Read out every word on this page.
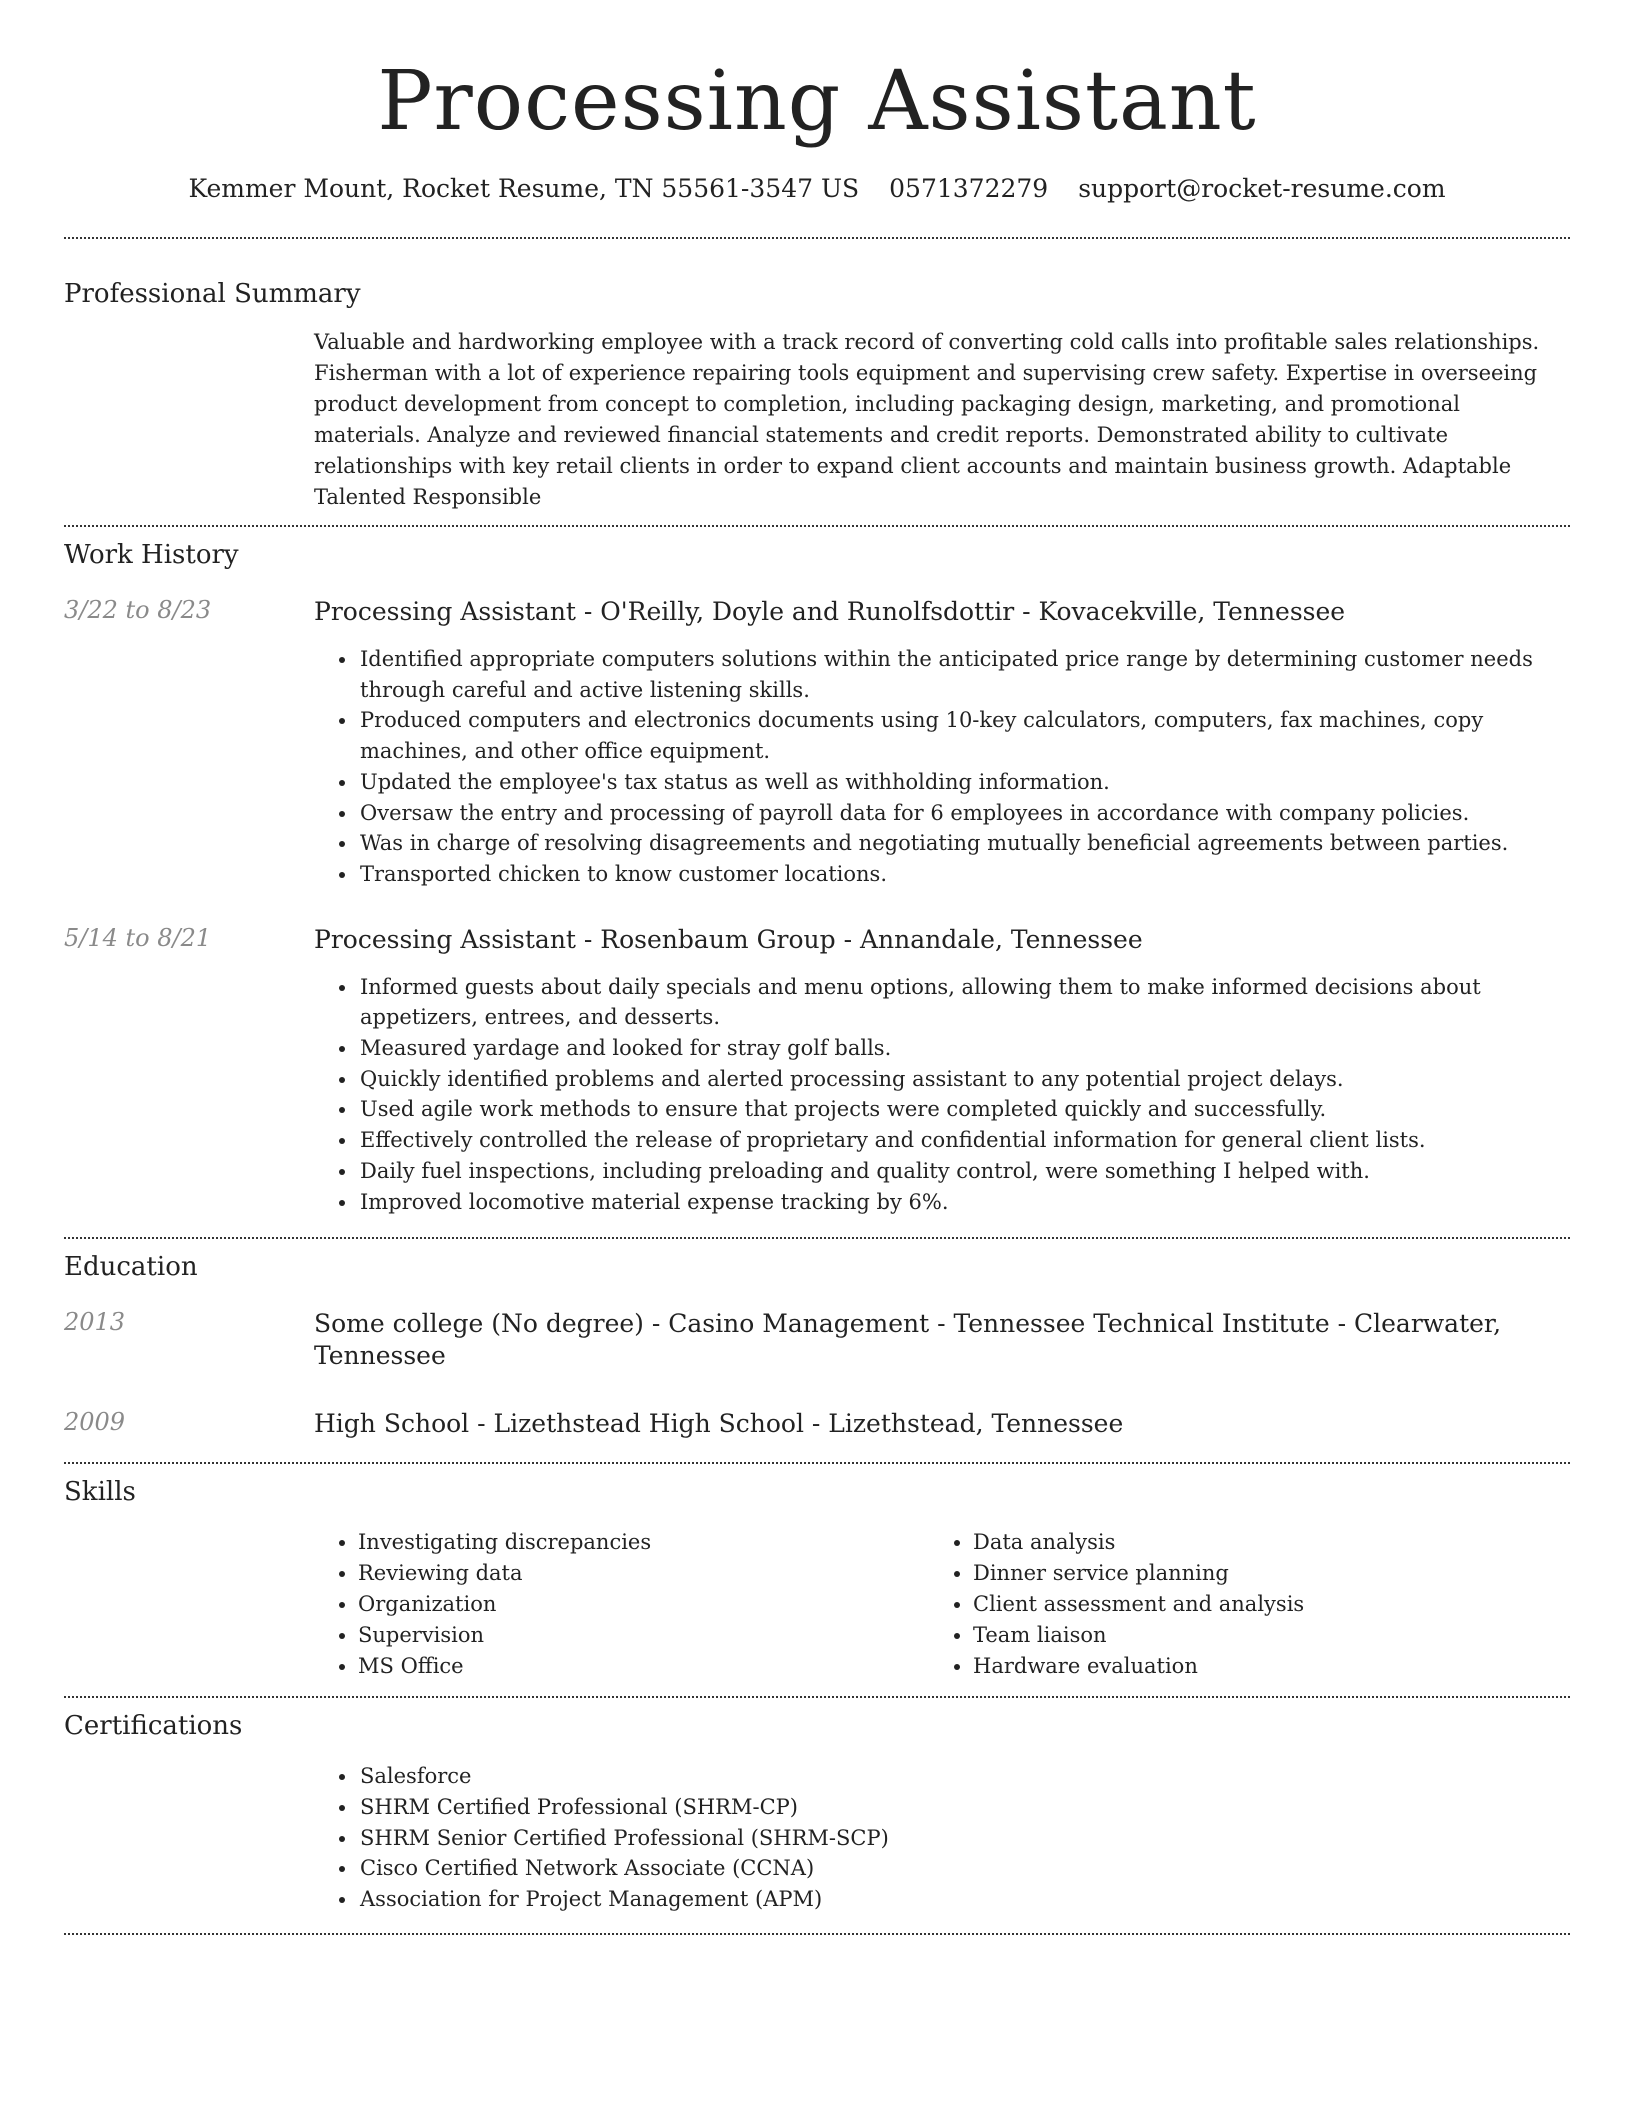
Processing Assistant
Kemmer Mount, Rocket Resume, TN 55561-3547 US 0571372279 support@rocket-resume.com
Professional Summary
Valuable and hardworking employee with a track record of converting cold calls into profitable sales relationships. Fisherman with a lot of experience repairing tools equipment and supervising crew safety. Expertise in overseeing product development from concept to completion, including packaging design, marketing, and promotional materials. Analyze and reviewed financial statements and credit reports. Demonstrated ability to cultivate relationships with key retail clients in order to expand client accounts and maintain business growth. Adaptable Talented Responsible
Work History
3/22 to 8/23	Processing Assistant - O'Reilly, Doyle and Runolfsdottir - Kovacekville, Tennessee
• Identified appropriate computers solutions within the anticipated price range by determining customer needs through careful and active listening skills.
• Produced computers and electronics documents using 10-key calculators, computers, fax machines, copy machines, and other office equipment.
• Updated the employee's tax status as well as withholding information.
• Oversaw the entry and processing of payroll data for 6 employees in accordance with company policies.
• Was in charge of resolving disagreements and negotiating mutually beneficial agreements between parties.
• Transported chicken to know customer locations.
5/14 to 8/21	Processing Assistant - Rosenbaum Group - Annandale, Tennessee
• Informed guests about daily specials and menu options, allowing them to make informed decisions about appetizers, entrees, and desserts.
• Measured yardage and looked for stray golf balls.
• Quickly identified problems and alerted processing assistant to any potential project delays.
• Used agile work methods to ensure that projects were completed quickly and successfully.
• Effectively controlled the release of proprietary and confidential information for general client lists.
• Daily fuel inspections, including preloading and quality control, were something I helped with.
• Improved locomotive material expense tracking by 6%.
Education
2013	Some college (No degree) - Casino Management - Tennessee Technical Institute - Clearwater, Tennessee
2009	High School - Lizethstead High School - Lizethstead, Tennessee
Skills
• Investigating discrepancies
• Reviewing data
• Organization
• Supervision
• MS Office
• Data analysis
• Dinner service planning
• Client assessment and analysis
• Team liaison
• Hardware evaluation
Certifications
• Salesforce
• SHRM Certified Professional (SHRM-CP)
• SHRM Senior Certified Professional (SHRM-SCP)
• Cisco Certified Network Associate (CCNA)
• Association for Project Management (APM)
